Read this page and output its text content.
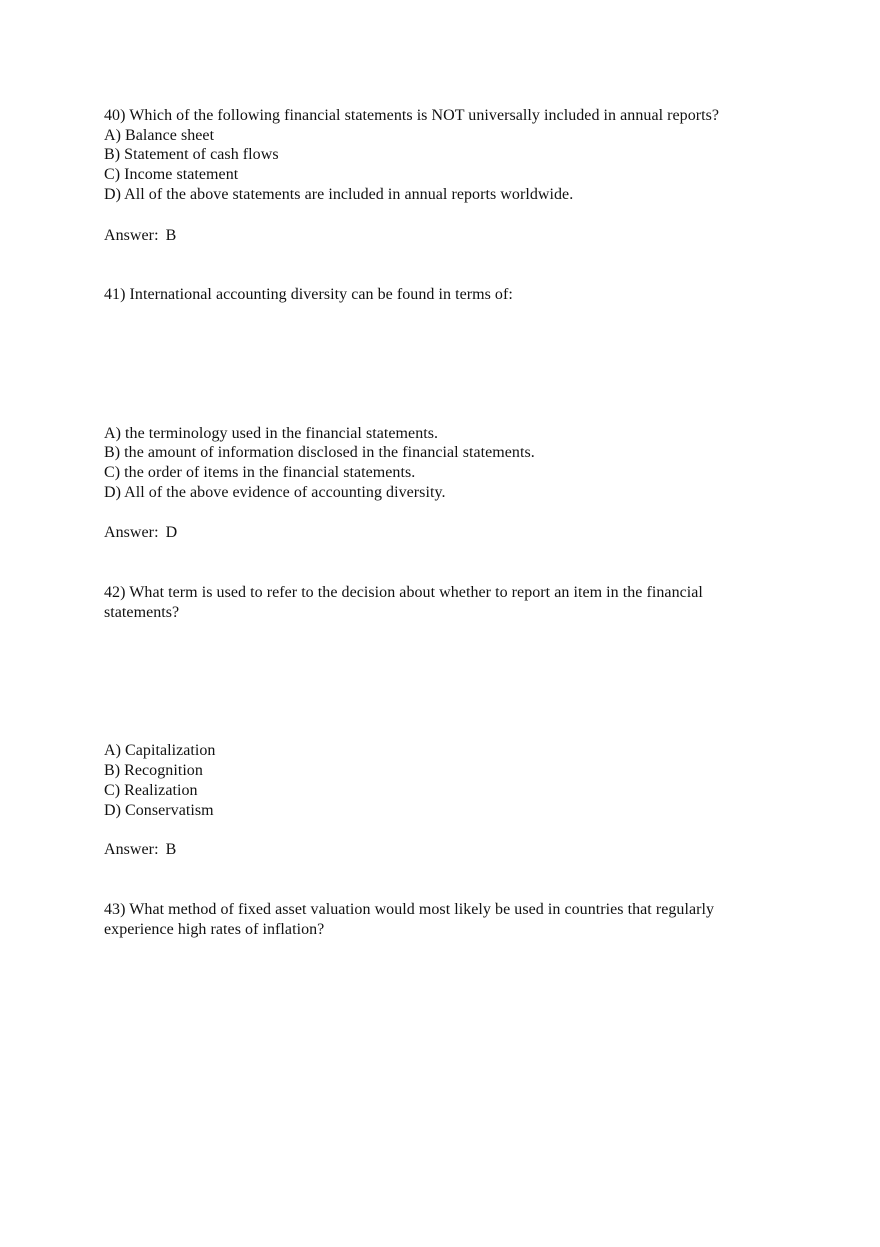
40) Which of the following financial statements is NOT universally included in annual reports?
A) Balance sheet
B) Statement of cash flows
C) Income statement
D) All of the above statements are included in annual reports worldwide.
Answer: B
41) International accounting diversity can be found in terms of:
A) the terminology used in the financial statements.
B) the amount of information disclosed in the financial statements.
C) the order of items in the financial statements.
D) All of the above evidence of accounting diversity.
Answer: D
42) What term is used to refer to the decision about whether to report an item in the financial
statements?
A) Capitalization
B) Recognition
C) Realization
D) Conservatism
Answer: B
43) What method of fixed asset valuation would most likely be used in countries that regularly
experience high rates of inflation?
